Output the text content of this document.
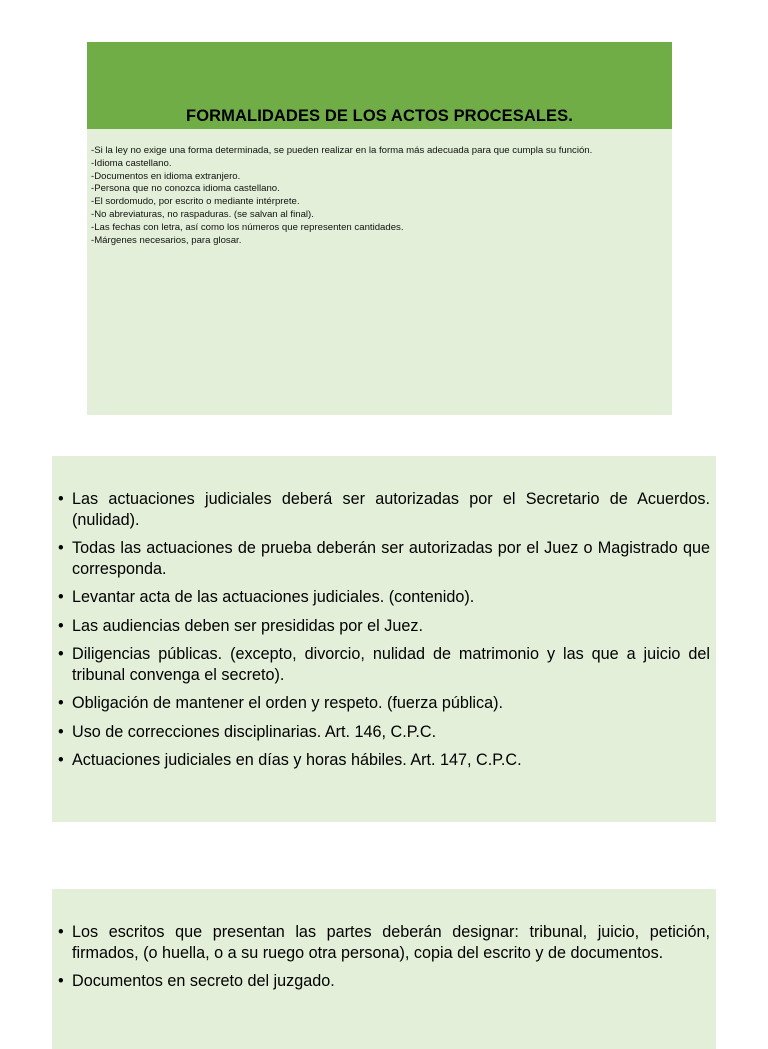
FORMALIDADES DE LOS ACTOS PROCESALES.
-Si la ley no exige una forma determinada, se pueden realizar en la forma más adecuada para que cumpla su función.
-Idioma castellano.
-Documentos en idioma extranjero.
-Persona que no conozca idioma castellano.
-El sordomudo, por escrito o mediante intérprete.
-No abreviaturas, no raspaduras. (se salvan al final).
-Las fechas con letra, así como los números que representen cantidades.
-Márgenes necesarios, para glosar.
• Las actuaciones judiciales deberá ser autorizadas por el Secretario de Acuerdos. (nulidad).
• Todas las actuaciones de prueba deberán ser autorizadas por el Juez o Magistrado que corresponda.
• Levantar acta de las actuaciones judiciales. (contenido).
• Las audiencias deben ser presididas por el Juez.
• Diligencias públicas. (excepto, divorcio, nulidad de matrimonio y las que a juicio del tribunal convenga el secreto).
• Obligación de mantener el orden y respeto. (fuerza pública).
• Uso de correcciones disciplinarias. Art. 146, C.P.C.
• Actuaciones judiciales en días y horas hábiles. Art. 147, C.P.C.
• Los escritos que presentan las partes deberán designar: tribunal, juicio, petición, firmados, (o huella, o a su ruego otra persona), copia del escrito y de documentos.
• Documentos en secreto del juzgado.
